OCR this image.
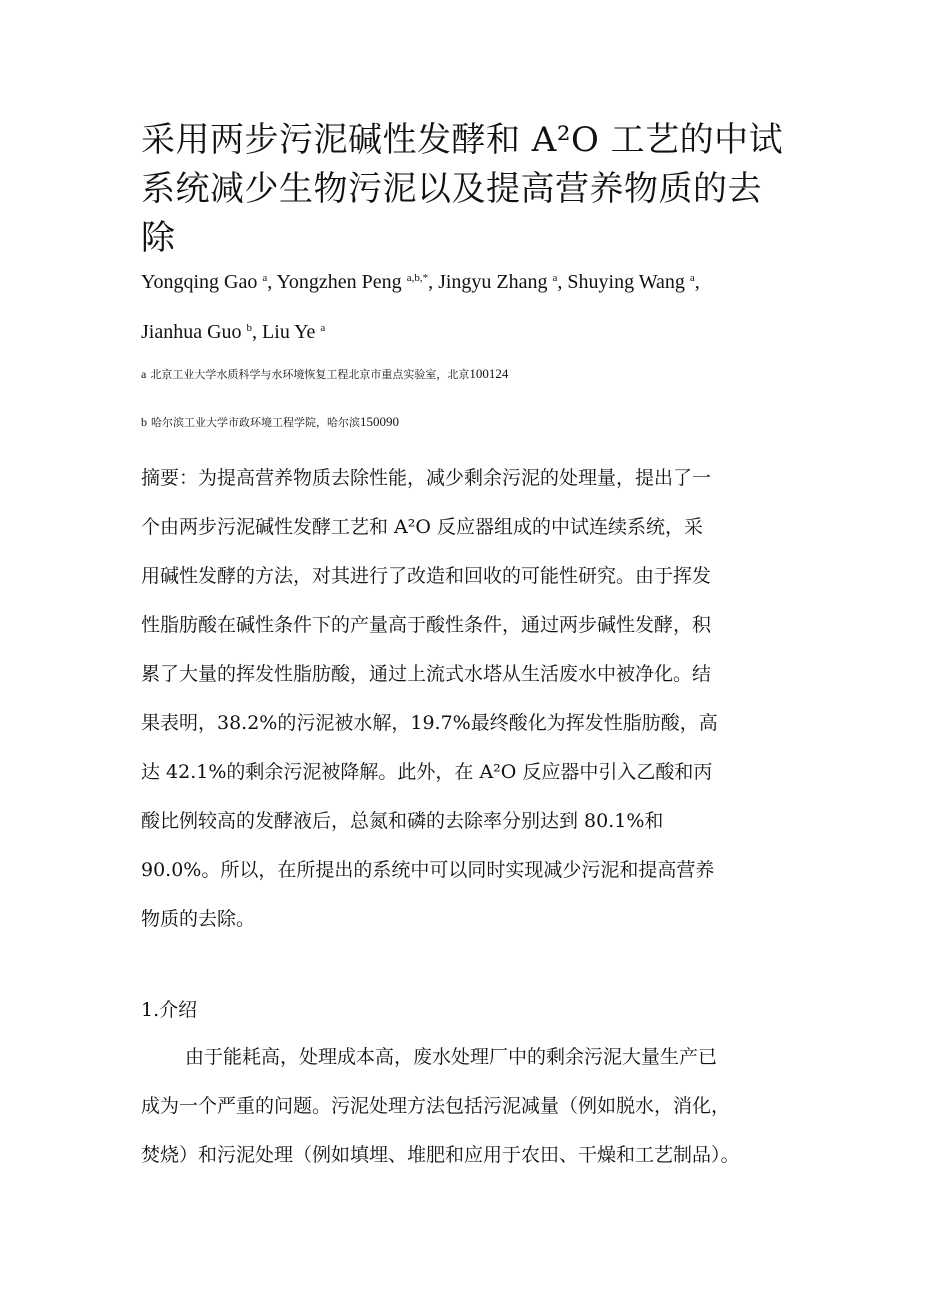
采用两步污泥碱性发酵和 A²O 工艺的中试
系统减少生物污泥以及提高营养物质的去
除
Yongqing Gao $^a$, Yongzhen Peng $^{a,b,*}$, Jingyu Zhang $^a$, Shuying Wang $^a$,
Jianhua Guo $^b$, Liu Ye $^a$
a 北京工业大学水质科学与水环境恢复工程北京市重点实验室，北京100124
b 哈尔滨工业大学市政环境工程学院，哈尔滨150090
摘要：为提高营养物质去除性能，减少剩余污泥的处理量，提出了一
个由两步污泥碱性发酵工艺和 A²O 反应器组成的中试连续系统，采
用碱性发酵的方法，对其进行了改造和回收的可能性研究。由于挥发
性脂肪酸在碱性条件下的产量高于酸性条件，通过两步碱性发酵，积
累了大量的挥发性脂肪酸，通过上流式水塔从生活废水中被净化。结
果表明，38.2%的污泥被水解，19.7%最终酸化为挥发性脂肪酸，高
达 42.1%的剩余污泥被降解。此外，在 A²O 反应器中引入乙酸和丙
酸比例较高的发酵液后，总氮和磷的去除率分别达到 80.1%和
90.0%。所以，在所提出的系统中可以同时实现减少污泥和提高营养
物质的去除。
1.介绍
由于能耗高，处理成本高，废水处理厂中的剩余污泥大量生产已
成为一个严重的问题。污泥处理方法包括污泥减量（例如脱水，消化，
焚烧）和污泥处理（例如填埋、堆肥和应用于农田、干燥和工艺制品）。
